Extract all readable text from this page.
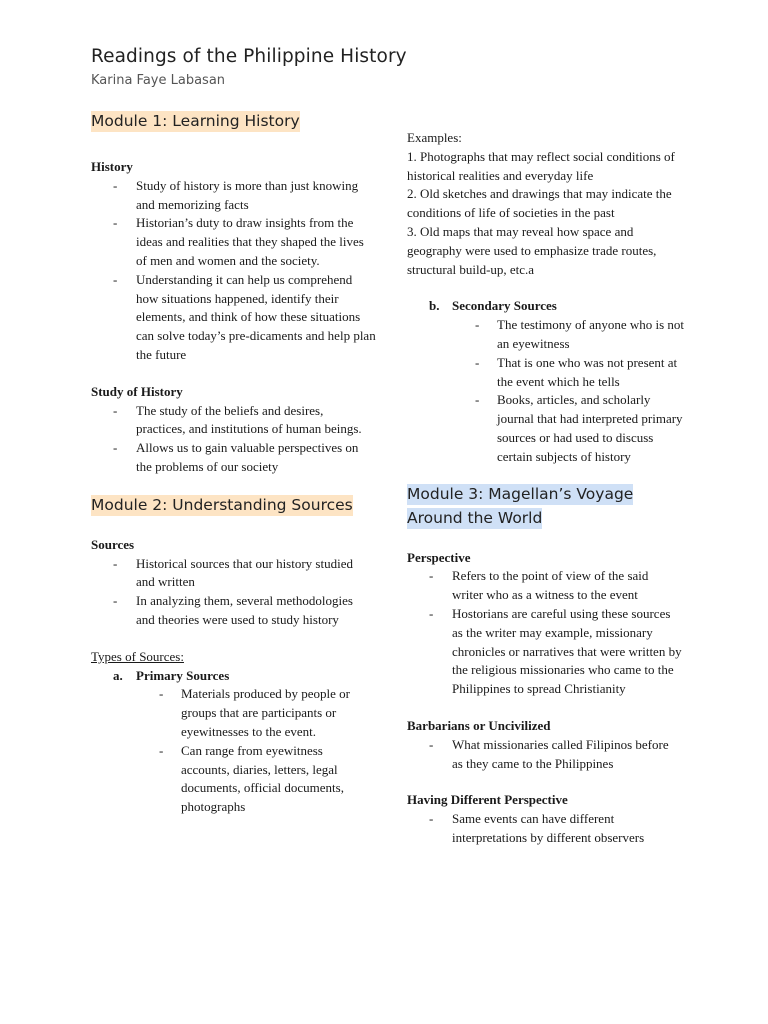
Readings of the Philippine History

Karina Faye Labasan

Module 1: Learning History

History

- Study of history is more than just knowing and memorizing facts
- Historian’s duty to draw insights from the ideas and realities that they shaped the lives of men and women and the society.
- Understanding it can help us comprehend how situations happened, identify their elements, and think of how these situations can solve today’s pre-dicaments and help plan the future

Study of History

- The study of the beliefs and desires, practices, and institutions of human beings.
- Allows us to gain valuable perspectives on the problems of our society
Module 2: Understanding Sources

Sources

- Historical sources that our history studied and written
- In analyzing them, several methodologies and theories were used to study history

Types of Sources:

a. Primary Sources

- Materials produced by people or groups that are participants or eyewitnesses to the event.
- Can range from eyewitness accounts, diaries, letters, legal documents, official documents, photographs

Examples:

1. Photographs that may reflect social conditions of historical realities and everyday life

2. Old sketches and drawings that may indicate the conditions of life of societies in the past

3. Old maps that may reveal how space and geography were used to emphasize trade routes, structural build-up, etc.a

b. Secondary Sources

- The testimony of anyone who is not an eyewitness
- That is one who was not present at the event which he tells
- Books, articles, and scholarly journal that had interpreted primary sources or had used to discuss certain subjects of history
Module 3: Magellan’s Voyage Around the World

Perspective

- Refers to the point of view of the said writer who as a witness to the event
- Hostorians are careful using these sources as the writer may example, missionary chronicles or narratives that were written by the religious missionaries who came to the Philippines to spread Christianity

Barbarians or Uncivilized

- What missionaries called Filipinos before as they came to the Philippines

Having Different Perspective

- Same events can have different interpretations by different observers
